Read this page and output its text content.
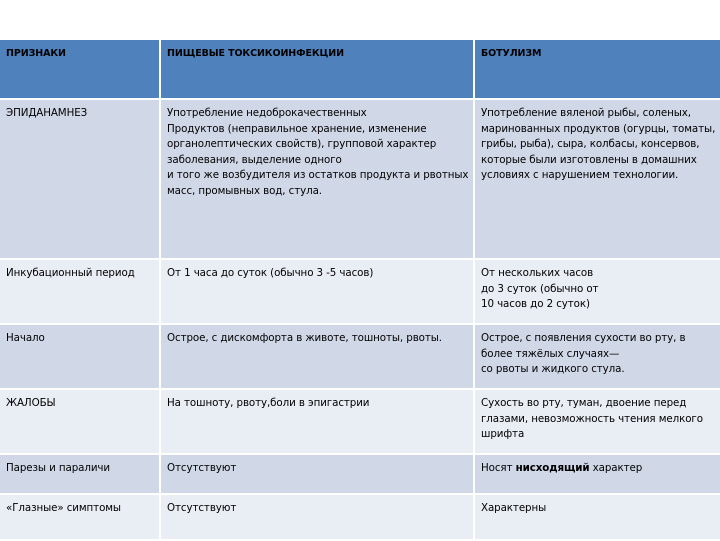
ПРИЗНАКИ	ПИЩЕВЫЕ ТОКСИКОИНФЕКЦИИ	БОТУЛИЗМ
ЭПИДАНАМНЕЗ	Употребление недоброкачественных
Продуктов (неправильное хранение, изменение органолептических свойств), групповой характер заболевания, выделение одного
и того же возбудителя из остатков продукта и рвотных масс, промывных вод, стула.	Употребление вяленой рыбы, соленых, маринованных продуктов (огурцы, томаты, грибы, рыба), сыра, колбасы, консервов, которые были изготовлены в домашних условиях с нарушением технологии.
Инкубационный период	От 1 часа до суток (обычно 3 -5 часов)	От нескольких часов
до 3 суток (обычно от
10 часов до 2 суток)
Начало	Острое, с дискомфорта в животе, тошноты, рвоты.	Острое, с появления сухости во рту, в более тяжёлых случаях—
со рвоты и жидкого стула.
ЖАЛОБЫ	На тошноту, рвоту,боли в эпигастрии	Сухость во рту, туман, двоение перед глазами, невозможность чтения мелкого шрифта
Парезы и параличи	Отсутствуют	Носят нисходящий характер
«Глазные» симптомы	Отсутствуют	Характерны
